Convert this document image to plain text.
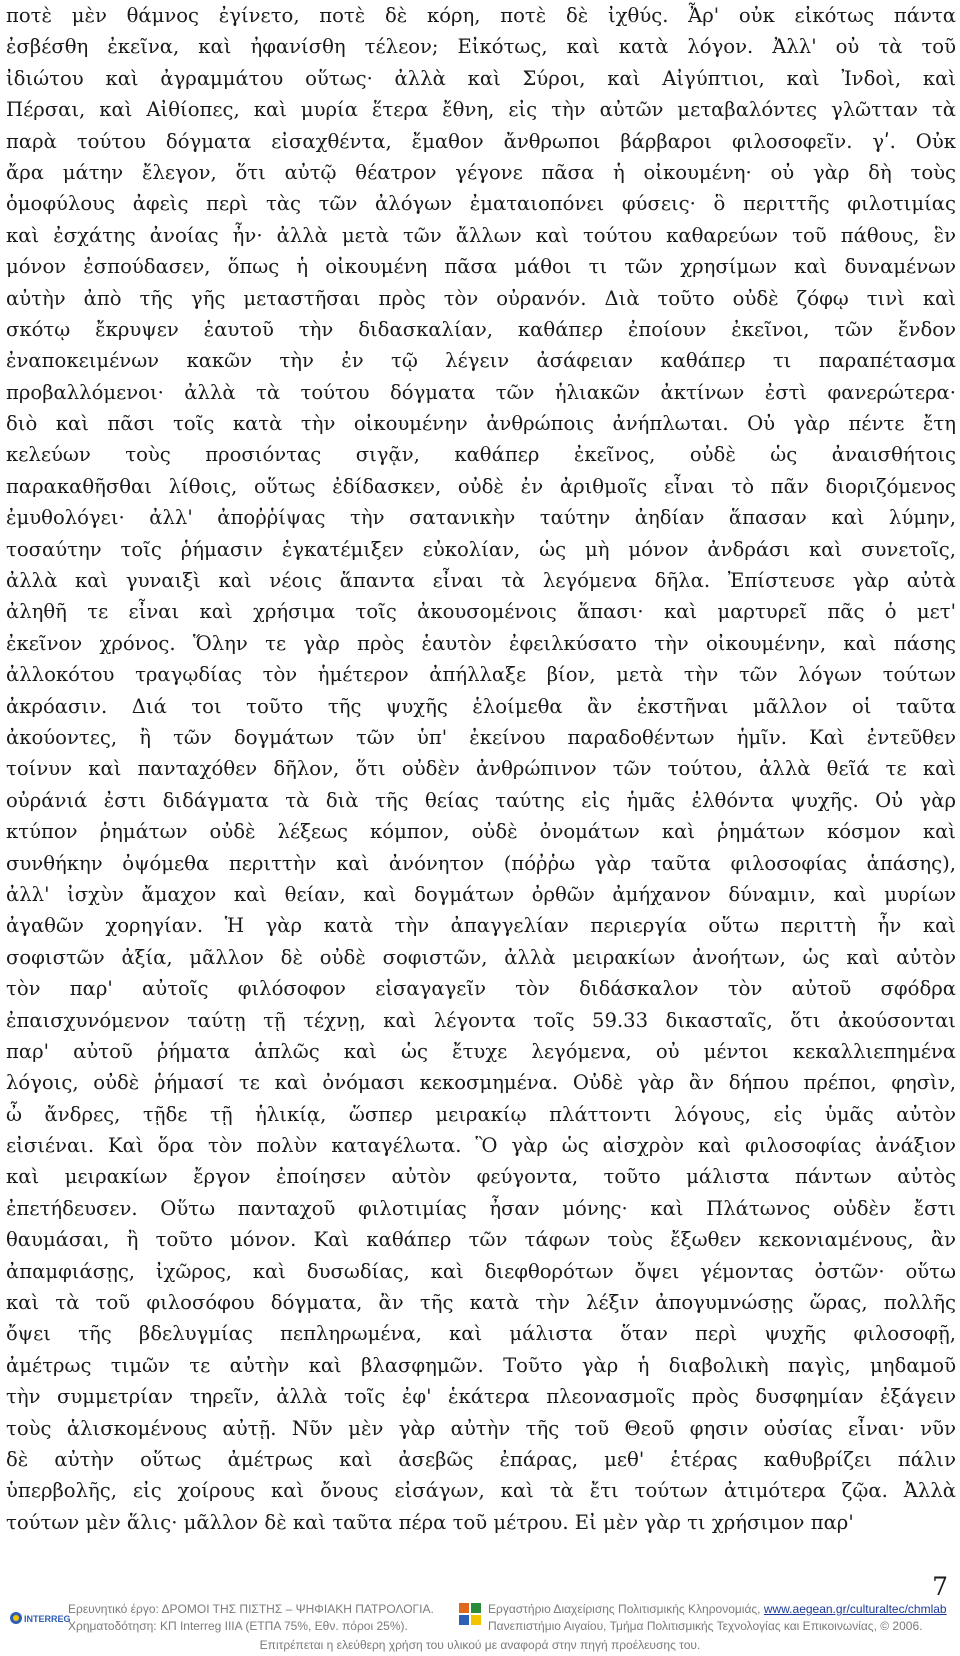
ποτὲ μὲν θάμνος ἐγίνετο, ποτὲ δὲ κόρη, ποτὲ δὲ ἰχθύς. Ἆρ' οὐκ εἰκότως πάντα
ἐσβέσθη ἐκεῖνα, καὶ ἠφανίσθη τέλεον; Εἰκότως, καὶ κατὰ λόγον. Ἀλλ' οὐ τὰ τοῦ
ἰδιώτου καὶ ἀγραμμάτου οὕτως· ἀλλὰ καὶ Σύροι, καὶ Αἰγύπτιοι, καὶ Ἰνδοὶ, καὶ
Πέρσαι, καὶ Αἰθίοπες, καὶ μυρία ἕτερα ἔθνη, εἰς τὴν αὐτῶν μεταβαλόντες γλῶτταν τὰ
παρὰ τούτου δόγματα εἰσαχθέντα, ἔμαθον ἄνθρωποι βάρβαροι φιλοσοφεῖν. γʹ. Οὐκ
ἄρα μάτην ἔλεγον, ὅτι αὐτῷ θέατρον γέγονε πᾶσα ἡ οἰκουμένη· οὐ γὰρ δὴ τοὺς
ὁμοφύλους ἀφεὶς περὶ τὰς τῶν ἀλόγων ἐματαιοπόνει φύσεις· ὃ περιττῆς φιλοτιμίας
καὶ ἐσχάτης ἀνοίας ἦν· ἀλλὰ μετὰ τῶν ἄλλων καὶ τούτου καθαρεύων τοῦ πάθους, ἓν
μόνον ἐσπούδασεν, ὅπως ἡ οἰκουμένη πᾶσα μάθοι τι τῶν χρησίμων καὶ δυναμένων
αὐτὴν ἀπὸ τῆς γῆς μεταστῆσαι πρὸς τὸν οὐρανόν. Διὰ τοῦτο οὐδὲ ζόφῳ τινὶ καὶ
σκότῳ ἔκρυψεν ἑαυτοῦ τὴν διδασκαλίαν, καθάπερ ἐποίουν ἐκεῖνοι, τῶν ἔνδον
ἐναποκειμένων κακῶν τὴν ἐν τῷ λέγειν ἀσάφειαν καθάπερ τι παραπέτασμα
προβαλλόμενοι· ἀλλὰ τὰ τούτου δόγματα τῶν ἡλιακῶν ἀκτίνων ἐστὶ φανερώτερα·
διὸ καὶ πᾶσι τοῖς κατὰ τὴν οἰκουμένην ἀνθρώποις ἀνήπλωται. Οὐ γὰρ πέντε ἔτη
κελεύων τοὺς προσιόντας σιγᾷν, καθάπερ ἐκεῖνος, οὐδὲ ὡς ἀναισθήτοις
παρακαθῆσθαι λίθοις, οὕτως ἐδίδασκεν, οὐδὲ ἐν ἀριθμοῖς εἶναι τὸ πᾶν διοριζόμενος
ἐμυθολόγει· ἀλλ' ἀποῤῥίψας τὴν σατανικὴν ταύτην ἀηδίαν ἅπασαν καὶ λύμην,
τοσαύτην τοῖς ῥήμασιν ἐγκατέμιξεν εὐκολίαν, ὡς μὴ μόνον ἀνδράσι καὶ συνετοῖς,
ἀλλὰ καὶ γυναιξὶ καὶ νέοις ἅπαντα εἶναι τὰ λεγόμενα δῆλα. Ἐπίστευσε γὰρ αὐτὰ
ἀληθῆ τε εἶναι καὶ χρήσιμα τοῖς ἀκουσομένοις ἅπασι· καὶ μαρτυρεῖ πᾶς ὁ μετ'
ἐκεῖνον χρόνος. Ὅλην τε γὰρ πρὸς ἑαυτὸν ἐφειλκύσατο τὴν οἰκουμένην, καὶ πάσης
ἀλλοκότου τραγῳδίας τὸν ἡμέτερον ἀπήλλαξε βίον, μετὰ τὴν τῶν λόγων τούτων
ἀκρόασιν. Διά τοι τοῦτο τῆς ψυχῆς ἑλοίμεθα ἂν ἐκστῆναι μᾶλλον οἱ ταῦτα
ἀκούοντες, ἢ τῶν δογμάτων τῶν ὑπ' ἐκείνου παραδοθέντων ἡμῖν. Καὶ ἐντεῦθεν
τοίνυν καὶ πανταχόθεν δῆλον, ὅτι οὐδὲν ἀνθρώπινον τῶν τούτου, ἀλλὰ θεῖά τε καὶ
οὐράνιά ἐστι διδάγματα τὰ διὰ τῆς θείας ταύτης εἰς ἡμᾶς ἐλθόντα ψυχῆς. Οὐ γὰρ
κτύπον ῥημάτων οὐδὲ λέξεως κόμπον, οὐδὲ ὀνομάτων καὶ ῥημάτων κόσμον καὶ
συνθήκην ὀψόμεθα περιττὴν καὶ ἀνόνητον (πόῤῥω γὰρ ταῦτα φιλοσοφίας ἁπάσης),
ἀλλ' ἰσχὺν ἄμαχον καὶ θείαν, καὶ δογμάτων ὀρθῶν ἀμήχανον δύναμιν, καὶ μυρίων
ἀγαθῶν χορηγίαν. Ἡ γὰρ κατὰ τὴν ἀπαγγελίαν περιεργία οὕτω περιττὴ ἦν καὶ
σοφιστῶν ἀξία, μᾶλλον δὲ οὐδὲ σοφιστῶν, ἀλλὰ μειρακίων ἀνοήτων, ὡς καὶ αὐτὸν
τὸν παρ' αὐτοῖς φιλόσοφον εἰσαγαγεῖν τὸν διδάσκαλον τὸν αὐτοῦ σφόδρα
ἐπαισχυνόμενον ταύτῃ τῇ τέχνῃ, καὶ λέγοντα τοῖς 59.33 δικασταῖς, ὅτι ἀκούσονται
παρ' αὐτοῦ ῥήματα ἁπλῶς καὶ ὡς ἔτυχε λεγόμενα, οὐ μέντοι κεκαλλιεπημένα
λόγοις, οὐδὲ ῥήμασί τε καὶ ὀνόμασι κεκοσμημένα. Οὐδὲ γὰρ ἂν δήπου πρέποι, φησὶν,
ὦ ἄνδρες, τῇδε τῇ ἡλικίᾳ, ὥσπερ μειρακίῳ πλάττοντι λόγους, εἰς ὑμᾶς αὐτὸν
εἰσιέναι. Καὶ ὅρα τὸν πολὺν καταγέλωτα. Ὃ γὰρ ὡς αἰσχρὸν καὶ φιλοσοφίας ἀνάξιον
καὶ μειρακίων ἔργον ἐποίησεν αὐτὸν φεύγοντα, τοῦτο μάλιστα πάντων αὐτὸς
ἐπετήδευσεν. Οὕτω πανταχοῦ φιλοτιμίας ἦσαν μόνης· καὶ Πλάτωνος οὐδὲν ἔστι
θαυμάσαι, ἢ τοῦτο μόνον. Καὶ καθάπερ τῶν τάφων τοὺς ἔξωθεν κεκονιαμένους, ἂν
ἀπαμφιάσῃς, ἰχῶρος, καὶ δυσωδίας, καὶ διεφθορότων ὄψει γέμοντας ὀστῶν· οὕτω
καὶ τὰ τοῦ φιλοσόφου δόγματα, ἂν τῆς κατὰ τὴν λέξιν ἀπογυμνώσῃς ὥρας, πολλῆς
ὄψει τῆς βδελυγμίας πεπληρωμένα, καὶ μάλιστα ὅταν περὶ ψυχῆς φιλοσοφῇ,
ἀμέτρως τιμῶν τε αὐτὴν καὶ βλασφημῶν. Τοῦτο γὰρ ἡ διαβολικὴ παγὶς, μηδαμοῦ
τὴν συμμετρίαν τηρεῖν, ἀλλὰ τοῖς ἐφ' ἑκάτερα πλεονασμοῖς πρὸς δυσφημίαν ἐξάγειν
τοὺς ἁλισκομένους αὐτῇ. Νῦν μὲν γὰρ αὐτὴν τῆς τοῦ Θεοῦ φησιν οὐσίας εἶναι· νῦν
δὲ αὐτὴν οὕτως ἀμέτρως καὶ ἀσεβῶς ἐπάρας, μεθ' ἑτέρας καθυβρίζει πάλιν
ὑπερβολῆς, εἰς χοίρους καὶ ὄνους εἰσάγων, καὶ τὰ ἔτι τούτων ἀτιμότερα ζῷα. Ἀλλὰ
τούτων μὲν ἅλις· μᾶλλον δὲ καὶ ταῦτα πέρα τοῦ μέτρου. Εἰ μὲν γὰρ τι χρήσιμον παρ'
7
INTERREG
Ερευνητικό έργο: ΔΡΟΜΟΙ ΤΗΣ ΠΙΣΤΗΣ – ΨΗΦΙΑΚΗ ΠΑΤΡΟΛΟΓΙΑ.
Χρηματοδότηση: ΚΠ Interreg IIIA (ΕΤΠΑ 75%, Εθν. πόροι 25%).
Εργαστήριο Διαχείρισης Πολιτισμικής Κληρονομιάς, www.aegean.gr/culturaltec/chmlab
Πανεπιστήμιο Αιγαίου, Τμήμα Πολιτισμικής Τεχνολογίας και Επικοινωνίας, © 2006.
Επιτρέπεται η ελεύθερη χρήση του υλικού με αναφορά στην πηγή προέλευσης του.
